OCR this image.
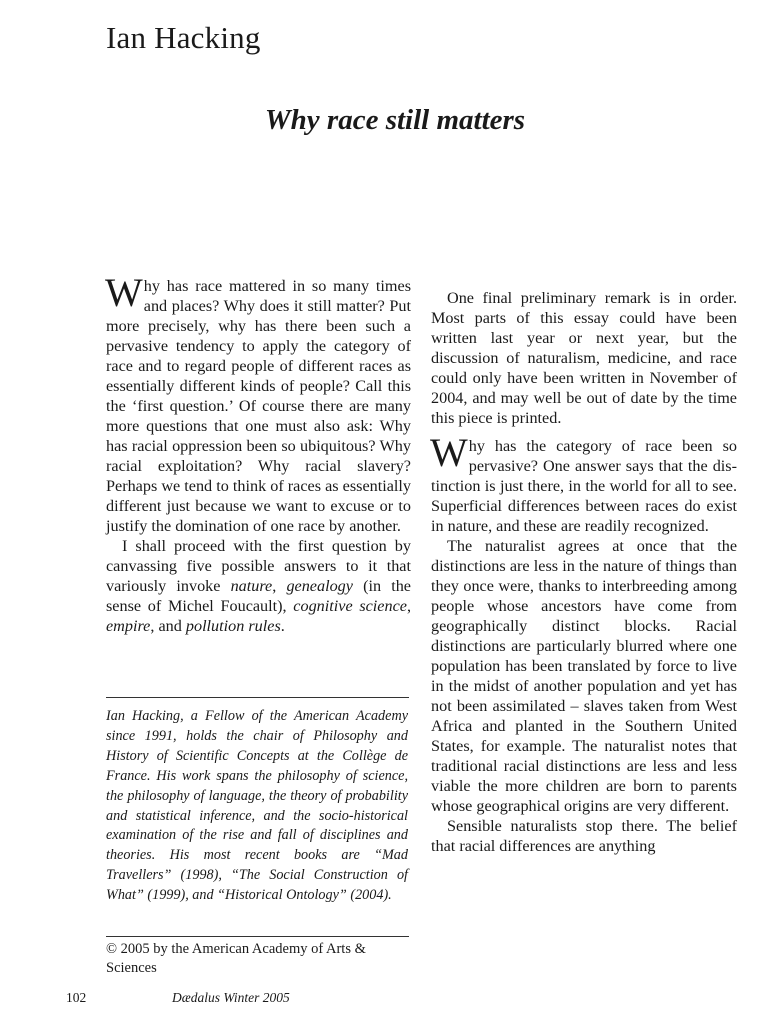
Ian Hacking
Why race still matters

Why has race mattered in so many times and places? Why does it still matter? Put more precisely, why has there been such a pervasive tendency to apply the category of race and to regard people of different races as essentially different kinds of people? Call this the ‘first question.’ Of course there are many more questions that one must also ask: Why has racial oppression been so ubiquitous? Why racial exploitation? Why racial slavery? Perhaps we tend to think of races as essentially different just because we want to excuse or to justify the domination of one race by another.

I shall proceed with the first question by canvassing five possible answers to it that variously invoke nature, genealogy (in the sense of Michel Foucault), cognitive science, empire, and pollution rules.

Ian Hacking, a Fellow of the American Academy since 1991, holds the chair of Philosophy and History of Scientific Concepts at the Collège de France. His work spans the philosophy of science, the philosophy of language, the theory of probability and statistical inference, and the socio-historical examination of the rise and fall of disciplines and theories. His most recent books are “Mad Travellers” (1998), “The Social Construction of What” (1999), and “Historical Ontology” (2004).

© 2005 by the American Academy of Arts & Sciences

One final preliminary remark is in order. Most parts of this essay could have been written last year or next year, but the discussion of naturalism, medicine, and race could only have been written in November of 2004, and may well be out of date by the time this piece is printed.

Why has the category of race been so pervasive? One answer says that the distinction is just there, in the world for all to see. Superficial differences between races do exist in nature, and these are readily recognized.

The naturalist agrees at once that the distinctions are less in the nature of things than they once were, thanks to interbreeding among people whose ancestors have come from geographically distinct blocks. Racial distinctions are particularly blurred where one population has been translated by force to live in the midst of another population and yet has not been assimilated – slaves taken from West Africa and planted in the Southern United States, for example. The naturalist notes that traditional racial distinctions are less and less viable the more children are born to parents whose geographical origins are very different.

Sensible naturalists stop there. The belief that racial differences are anything

102	Dædalus Winter 2005
